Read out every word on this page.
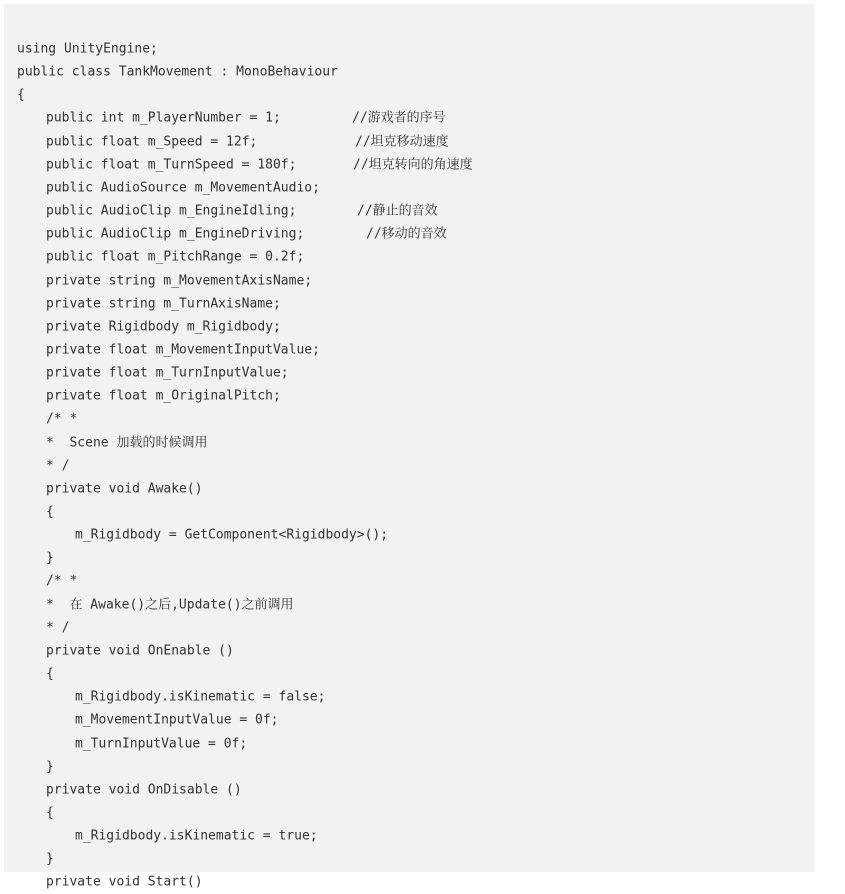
using UnityEngine;
public class TankMovement : MonoBehaviour
{
public int m_PlayerNumber = 1;	//游戏者的序号
public float m_Speed = 12f;	//坦克移动速度
public float m_TurnSpeed = 180f;	//坦克转向的角速度
public AudioSource m_MovementAudio;
public AudioClip m_EngineIdling;	//静止的音效
public AudioClip m_EngineDriving;	//移动的音效
public float m_PitchRange = 0.2f;
private string m_MovementAxisName;
private string m_TurnAxisName;
private Rigidbody m_Rigidbody;
private float m_MovementInputValue;
private float m_TurnInputValue;
private float m_OriginalPitch;
/* *
*  Scene 加载的时候调用
* /
private void Awake()
{
m_Rigidbody = GetComponent<Rigidbody>();
}
/* *
*  在 Awake()之后,Update()之前调用
* /
private void OnEnable ()
{
m_Rigidbody.isKinematic = false;
m_MovementInputValue = 0f;
m_TurnInputValue = 0f;
}
private void OnDisable ()
{
m_Rigidbody.isKinematic = true;
}
private void Start()
